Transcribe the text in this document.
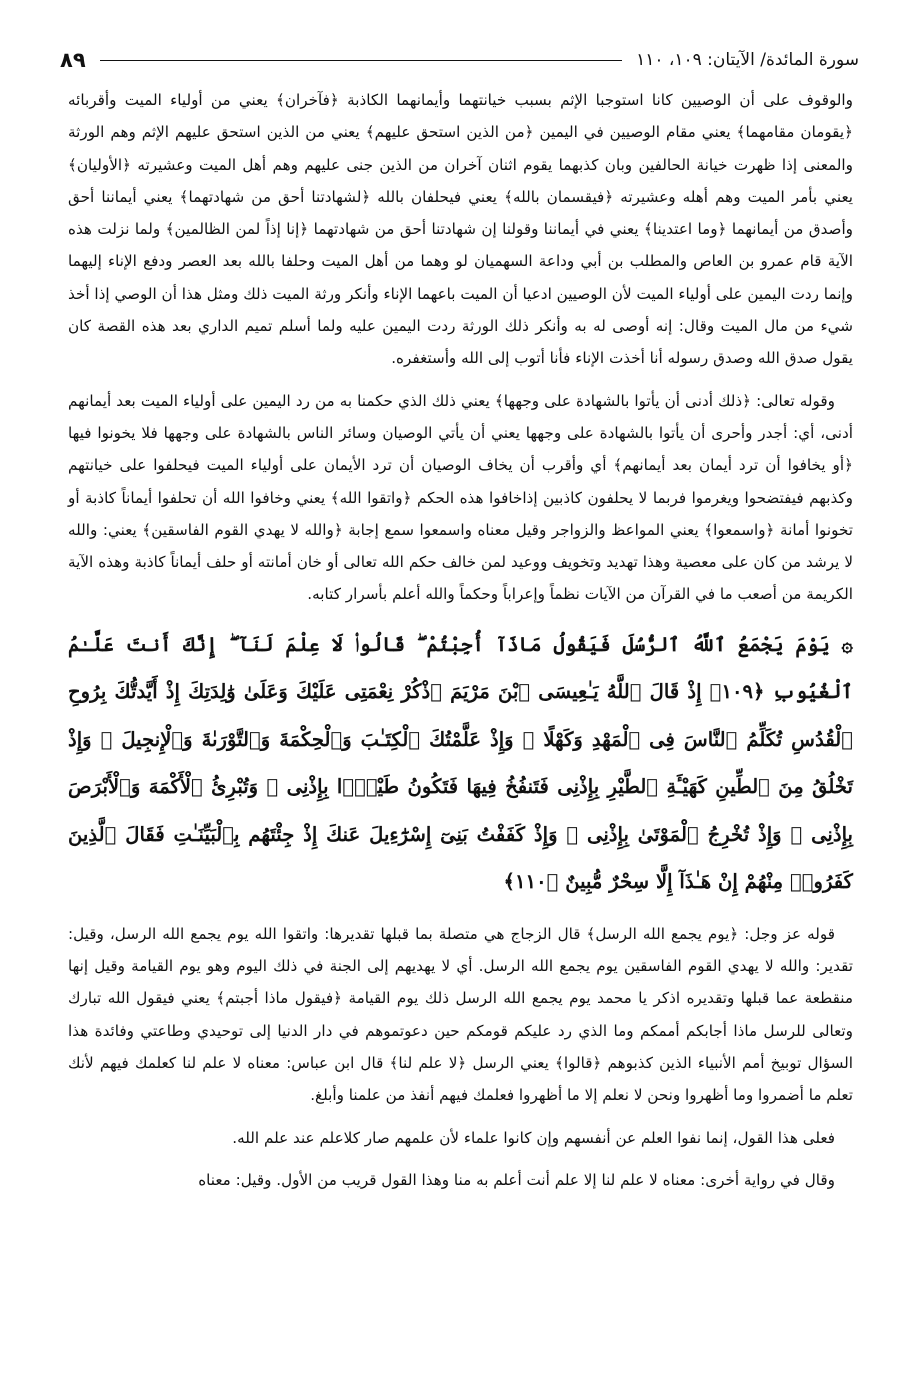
سورة المائدة/ الآيتان: ١٠٩، ١١٠
٨٩

والوقوف على أن الوصيين كانا استوجبا الإثم بسبب خيانتهما وأيمانهما الكاذبة ﴿فآخران﴾ يعني من أولياء الميت وأقربائه ﴿يقومان مقامهما﴾ يعني مقام الوصيين في اليمين ﴿من الذين استحق عليهم﴾ يعني من الذين استحق عليهم الإثم وهم الورثة والمعنى إذا ظهرت خيانة الحالفين وبان كذبهما يقوم اثنان آخران من الذين جنى عليهم وهم أهل الميت وعشيرته ﴿الأوليان﴾ يعني بأمر الميت وهم أهله وعشيرته ﴿فيقسمان بالله﴾ يعني فيحلفان بالله ﴿لشهادتنا أحق من شهادتهما﴾ يعني أيماننا أحق وأصدق من أيمانهما ﴿وما اعتدينا﴾ يعني في أيماننا وقولنا إن شهادتنا أحق من شهادتهما ﴿إنا إذاً لمن الظالمين﴾ ولما نزلت هذه الآية قام عمرو بن العاص والمطلب بن أبي وداعة السهميان لو وهما من أهل الميت وحلفا بالله بعد العصر ودفع الإناء إليهما وإنما ردت اليمين على أولياء الميت لأن الوصيين ادعيا أن الميت باعهما الإناء وأنكر ورثة الميت ذلك ومثل هذا أن الوصي إذا أخذ شيء من مال الميت وقال: إنه أوصى له به وأنكر ذلك الورثة ردت اليمين عليه ولما أسلم تميم الداري بعد هذه القصة كان يقول صدق الله وصدق رسوله أنا أخذت الإناء فأنا أتوب إلى الله وأستغفره.

وقوله تعالى: ﴿ذلك أدنى أن يأتوا بالشهادة على وجهها﴾ يعني ذلك الذي حكمنا به من رد اليمين على أولياء الميت بعد أيمانهم أدنى، أي: أجدر وأحرى أن يأتوا بالشهادة على وجهها يعني أن يأتي الوصيان وسائر الناس بالشهادة على وجهها فلا يخونوا فيها ﴿أو يخافوا أن ترد أيمان بعد أيمانهم﴾ أي وأقرب أن يخاف الوصيان أن ترد الأيمان على أولياء الميت فيحلفوا على خيانتهم وكذبهم فيفتضحوا ويغرموا فربما لا يحلفون كاذبين إذاخافوا هذه الحكم ﴿واتقوا الله﴾ يعني وخافوا الله أن تحلفوا أيماناً كاذبة أو تخونوا أمانة ﴿واسمعوا﴾ يعني المواعظ والزواجر وقيل معناه واسمعوا سمع إجابة ﴿والله لا يهدي القوم الفاسقين﴾ يعني: والله لا يرشد من كان على معصية وهذا تهديد وتخويف ووعيد لمن خالف حكم الله تعالى أو خان أمانته أو حلف أيماناً كاذبة وهذه الآية الكريمة من أصعب ما في القرآن من الآيات نظماً وإعراباً وحكماً والله أعلم بأسرار كتابه.

۞ يَوْمَ يَجْمَعُ ٱللَّهُ ٱلرُّسُلَ فَيَقُولُ مَاذَآ أُجِبْتُمْ ۖ قَالُوا۟ لَا عِلْمَ لَنَآ ۖ إِنَّكَ أَنتَ عَلَّـٰمُ ٱلْغُيُوبِ ﴿١٠٩﴾ إِذْ قَالَ ٱللَّهُ يَـٰعِيسَى ٱبْنَ مَرْيَمَ ٱذْكُرْ نِعْمَتِى عَلَيْكَ وَعَلَىٰ وَٰلِدَتِكَ إِذْ أَيَّدتُّكَ بِرُوحِ ٱلْقُدُسِ تُكَلِّمُ ٱلنَّاسَ فِى ٱلْمَهْدِ وَكَهْلًا ۖ وَإِذْ عَلَّمْتُكَ ٱلْكِتَـٰبَ وَٱلْحِكْمَةَ وَٱلتَّوْرَىٰةَ وَٱلْإِنجِيلَ ۖ وَإِذْ تَخْلُقُ مِنَ ٱلطِّينِ كَهَيْـَٔةِ ٱلطَّيْرِ بِإِذْنِى فَتَنفُخُ فِيهَا فَتَكُونُ طَيْرًۢا بِإِذْنِى ۖ وَتُبْرِئُ ٱلْأَكْمَهَ وَٱلْأَبْرَصَ بِإِذْنِى ۖ وَإِذْ تُخْرِجُ ٱلْمَوْتَىٰ بِإِذْنِى ۖ وَإِذْ كَفَفْتُ بَنِىٓ إِسْرَٰٓءِيلَ عَنكَ إِذْ جِئْتَهُم بِٱلْبَيِّنَـٰتِ فَقَالَ ٱلَّذِينَ كَفَرُوا۟ مِنْهُمْ إِنْ هَـٰذَآ إِلَّا سِحْرٌ مُّبِينٌ ﴿١١٠﴾

قوله عز وجل: ﴿يوم يجمع الله الرسل﴾ قال الزجاج هي متصلة بما قبلها تقديرها: واتقوا الله يوم يجمع الله الرسل، وقيل: تقدير: والله لا يهدي القوم الفاسقين يوم يجمع الله الرسل. أي لا يهديهم إلى الجنة في ذلك اليوم وهو يوم القيامة وقيل إنها منقطعة عما قبلها وتقديره اذكر يا محمد يوم يجمع الله الرسل ذلك يوم القيامة ﴿فيقول ماذا أجبتم﴾ يعني فيقول الله تبارك وتعالى للرسل ماذا أجابكم أممكم وما الذي رد عليكم قومكم حين دعوتموهم في دار الدنيا إلى توحيدي وطاعتي وفائدة هذا السؤال توبيخ أمم الأنبياء الذين كذبوهم ﴿قالوا﴾ يعني الرسل ﴿لا علم لنا﴾ قال ابن عباس: معناه لا علم لنا كعلمك فيهم لأنك تعلم ما أضمروا وما أظهروا ونحن لا نعلم إلا ما أظهروا فعلمك فيهم أنفذ من علمنا وأبلغ.

فعلى هذا القول، إنما نفوا العلم عن أنفسهم وإن كانوا علماء لأن علمهم صار كلاعلم عند علم الله.

وقال في رواية أخرى: معناه لا علم لنا إلا علم أنت أعلم به منا وهذا القول قريب من الأول. وقيل: معناه
